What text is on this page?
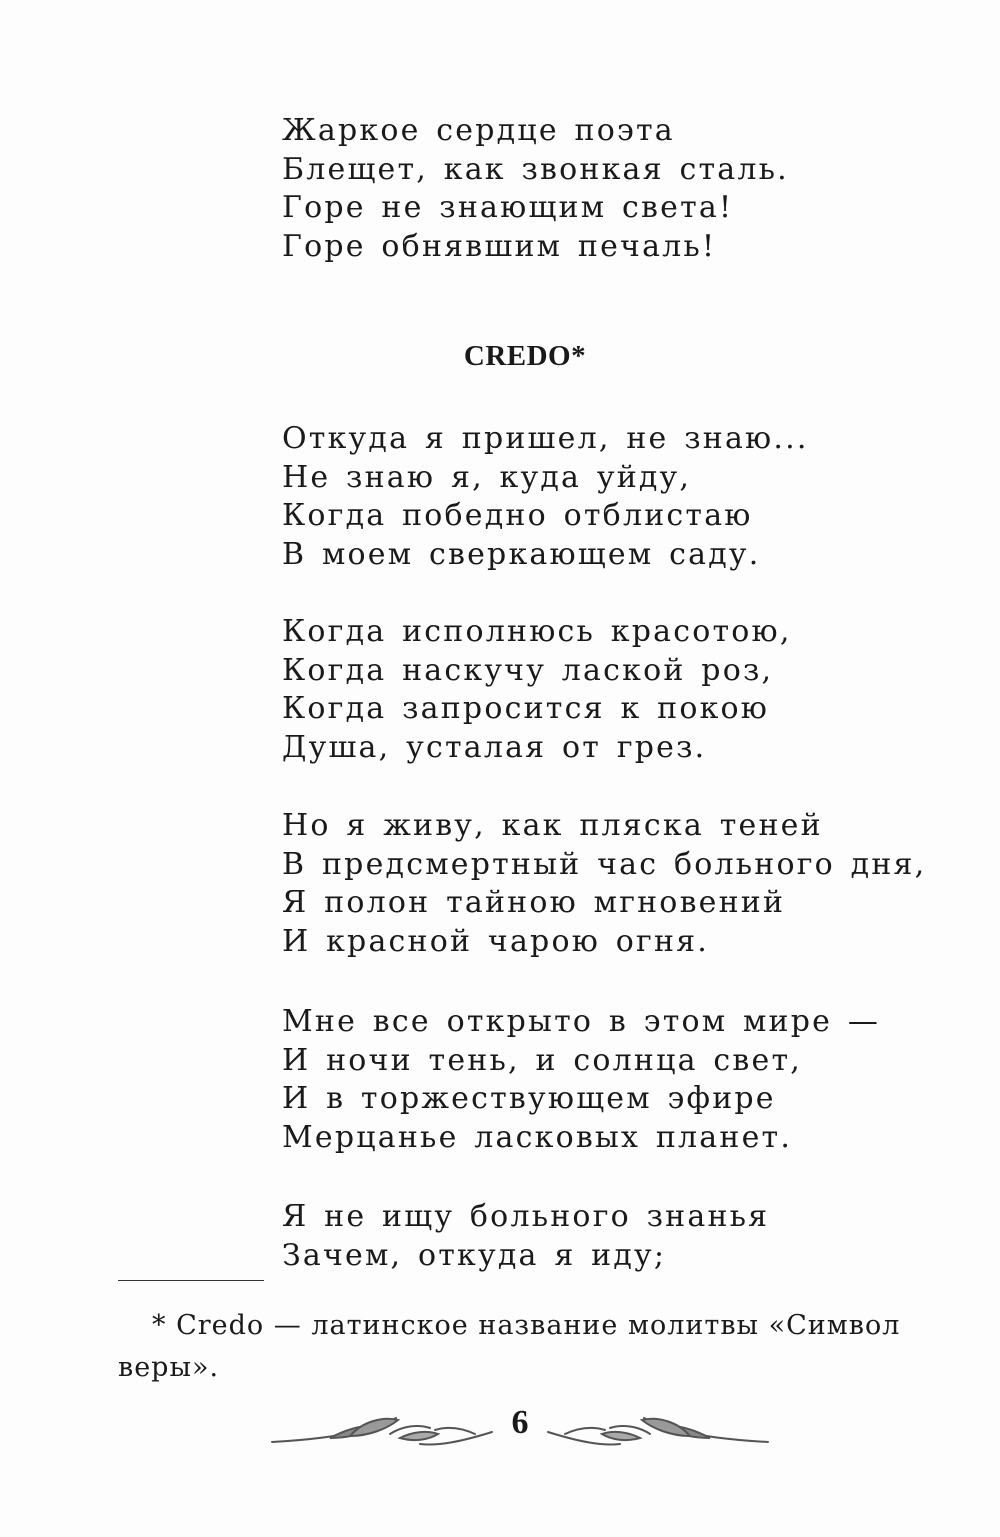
Жаркое сердце поэта
Блещет, как звонкая сталь.
Горе не знающим света!
Горе обнявшим печаль!
CREDO*
Откуда я пришел, не знаю...
Не знаю я, куда уйду,
Когда победно отблистаю
В моем сверкающем саду.
Когда исполнюсь красотою,
Когда наскучу лаской роз,
Когда запросится к покою
Душа, усталая от грез.
Но я живу, как пляска теней
В предсмертный час больного дня,
Я полон тайною мгновений
И красной чарою огня.
Мне все открыто в этом мире —
И ночи тень, и солнца свет,
И в торжествующем эфире
Мерцанье ласковых планет.
Я не ищу больного знанья
Зачем, откуда я иду;

* Credo — латинское название молитвы «Символ веры».

6
